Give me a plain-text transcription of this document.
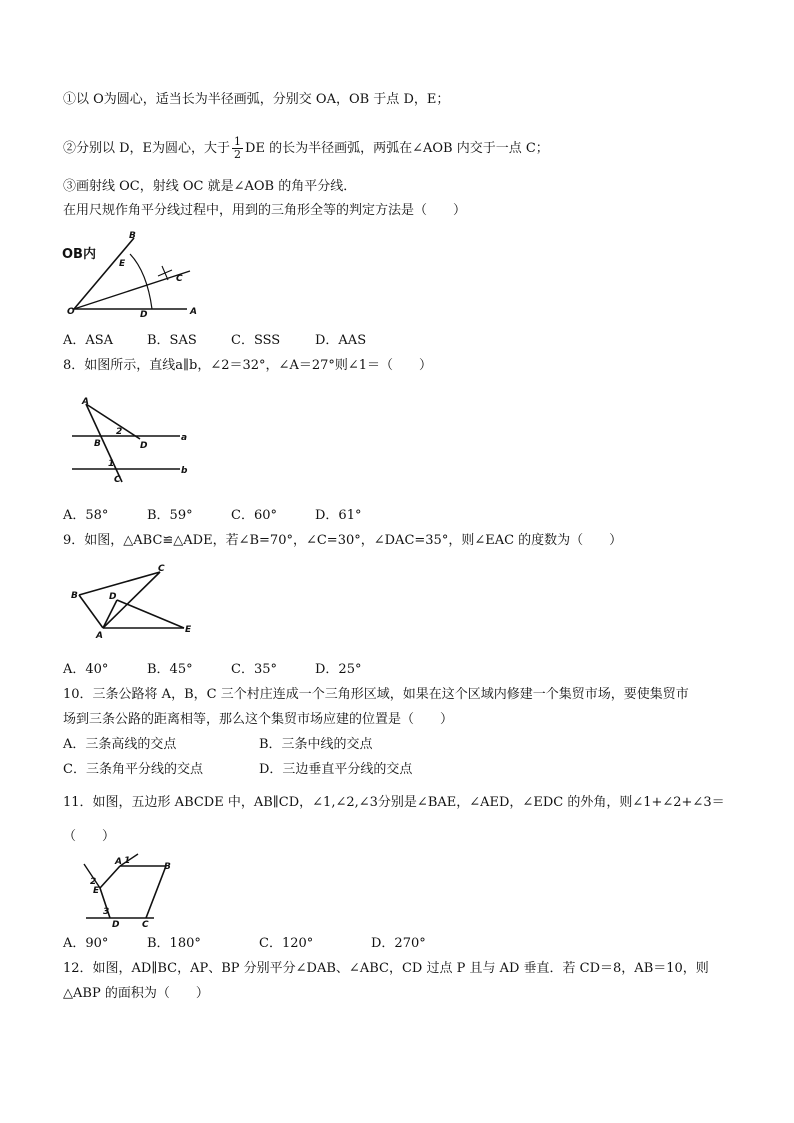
①以 O为圆心，适当长为半径画弧，分别交 OA，OB 于点 D，E；
②分别以 D，E为圆心，大于 $\frac{1}{2}$ DE 的长为半径画弧，两弧在∠AOB 内交于一点 C；
③画射线 OC，射线 OC 就是∠AOB 的角平分线．
在用尺规作角平分线过程中，用到的三角形全等的判定方法是（　　）
OB内
B
E
C
O	D	A
A．ASA	B．SAS	C．SSS	D．AAS
8．如图所示，直线a∥b，∠2＝32°，∠A＝27°则∠1＝（　　）
A
2
B	D
a
1
b
C
A．58°	B．59°	C．60°	D．61°
9．如图，△ABC≌△ADE，若∠B=70°，∠C=30°，∠DAC=35°，则∠EAC 的度数为（　　）
C
B	D
A
E
A．40°	B．45°	C．35°	D．25°
10．三条公路将 A，B，C 三个村庄连成一个三角形区域，如果在这个区域内修建一个集贸市场，要使集贸市
场到三条公路的距离相等，那么这个集贸市场应建的位置是（　　）
A．三条高线的交点	B．三条中线的交点
C．三条角平分线的交点	D．三边垂直平分线的交点
11．如图，五边形 ABCDE 中，AB∥CD，∠1,∠2,∠3分别是∠BAE，∠AED，∠EDC 的外角，则∠1+∠2+∠3＝
（　　）
1
A	B
2
E
3
D	C
A．90°	B．180°	C．120°	D．270°
12．如图，AD∥BC，AP、BP 分别平分∠DAB、∠ABC，CD 过点 P 且与 AD 垂直．若 CD＝8，AB＝10，则
△ABP 的面积为（　　）
